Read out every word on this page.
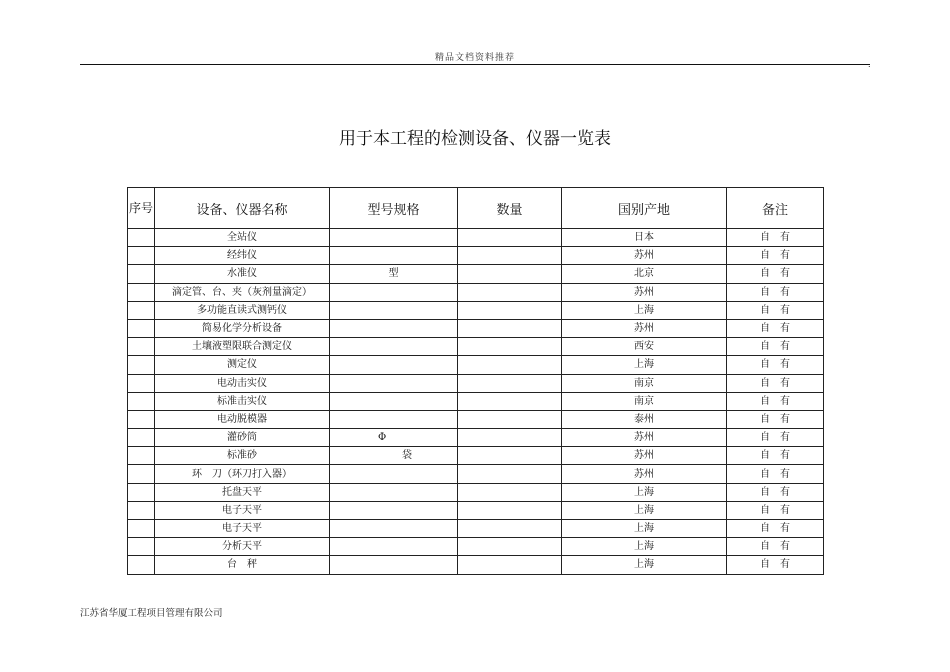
精品文档资料推荐
.
用于本工程的检测设备、仪器一览表
序号	设备、仪器名称	型号规格	数量	国别产地	备注
	全站仪			日本	自　有
	经纬仪			苏州	自　有
	水准仪	型		北京	自　有
	滴定管、台、夹（灰剂量滴定）			苏州	自　有
	多功能直读式测钙仪			上海	自　有
	简易化学分析设备			苏州	自　有
	土壤液塑限联合测定仪			西安	自　有
	测定仪			上海	自　有
	电动击实仪			南京	自　有
	标准击实仪			南京	自　有
	电动脱模器			泰州	自　有
	灌砂筒	Φ		苏州	自　有
	标准砂	袋		苏州	自　有
	环　刀（环刀打入器）			苏州	自　有
	托盘天平			上海	自　有
	电子天平			上海	自　有
	电子天平			上海	自　有
	分析天平			上海	自　有
	台　秤			上海	自　有
江苏省华厦工程项目管理有限公司
